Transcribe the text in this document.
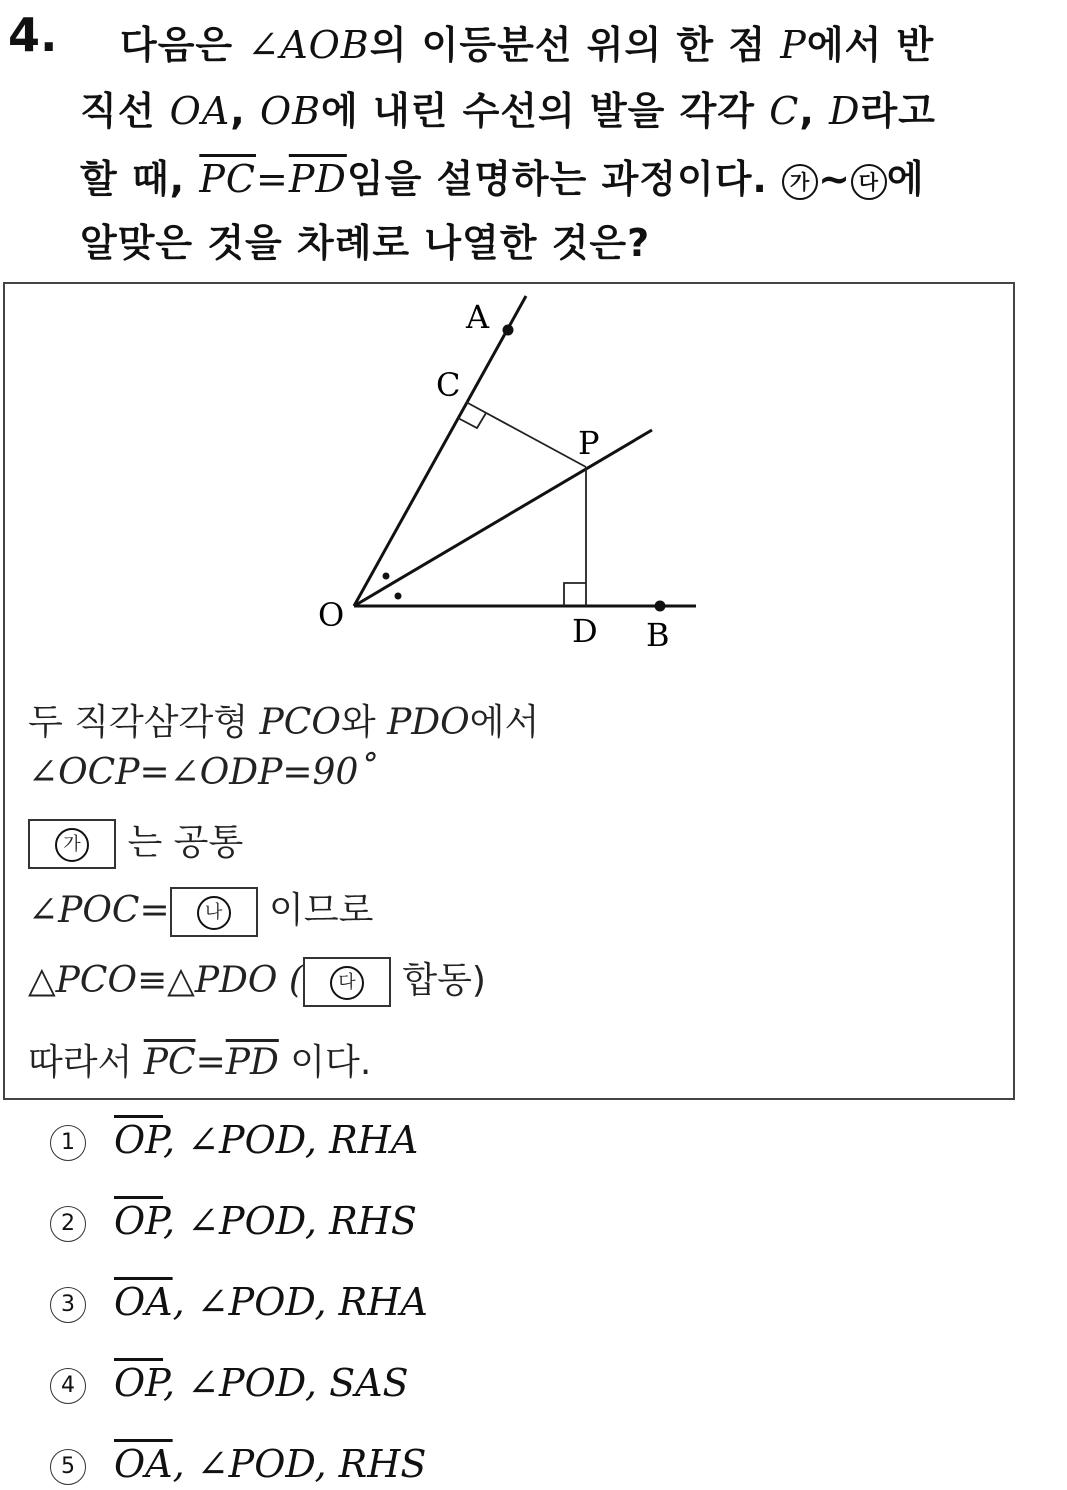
4. 다음은 ∠AOB의 이등분선 위의 한 점 P에서 반
직선 OA, OB에 내린 수선의 발을 각각 C, D라고
할 때, $\overline{PC}=\overline{PD}$임을 설명하는 과정이다. 가 ~ 다 에
알맞은 것을 차례로 나열한 것은?
A
C
P
O	D B
두 직각삼각형 PCO와 PDO에서
∠OCP=∠ODP=90˚
가 는 공통
∠POC= 나 이므로
△PCO≡△PDO ( 다 합동)
따라서 $\overline{PC}=\overline{PD}$ 이다.
1 $\overline{OP}$, ∠POD, RHA
2 $\overline{OP}$, ∠POD, RHS
3 $\overline{OA}$, ∠POD, RHA
4 $\overline{OP}$, ∠POD, SAS
5 $\overline{OA}$, ∠POD, RHS
